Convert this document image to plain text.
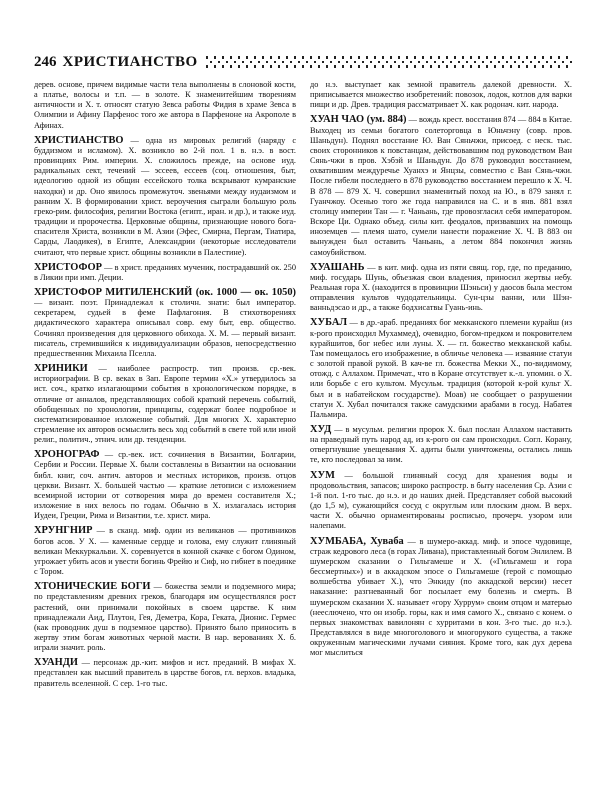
246 ХРИСТИАНСТВО

дерев. основе, причем видимые части тела выполнены в слоновой кости, а платье, волосы и т.п. — в золоте. К знаменитейшим творениям античности и Х. т. относят статую Зевса работы Фидия в храме Зевса в Олимпии и Афину Парфенос того же автора в Парфеноне на Акрополе в Афинах.

ХРИСТИАНСТВО — одна из мировых религий (наряду с буддизмом и исламом). Х. возникло во 2-й пол. 1 в. н.э. в вост. провинциях Рим. империи. Х. сложилось прежде, на основе иуд. радикальных сект, течений — эссеев, ессеев (соц. отношения, быт, идеологию одной из общин ессейского толка вскрывают кумранские находки) и др. Оно явилось промежуточ. звеньями между иудаизмом и ранним Х. В формировании христ. вероучения сыграли большую роль греко-рим. философия, религии Востока (египт., иран. и др.), и также иуд. традиции и пророчества. Церковные общины, признающие нового бога-спасителя Христа, возникли в М. Азии (Эфес, Смирна, Пергам, Тиатира, Сарды, Лаодикея), в Египте, Александрии (некоторые исследователи считают, что первые христ. общины возникли в Палестине).

ХРИСТОФОР — в христ. преданиях мученик, пострадавший ок. 250 в Ликии при имп. Деции.

ХРИСТОФОР МИТИЛЕНСКИЙ (ок. 1000 — ок. 1050) — визант. поэт. Принадлежал к столичн. знати: был император. секретарем, судьей в феме Пафлагония. В стихотворениях дидактического характера описывал совр. ему быт, евр. общество. Сочинял произведения для церковного обихода. Х. М. — первый визант. писатель, стремившийся к индивидуализации образов, непосредственно предшественник Михаила Пселла.

ХРИНИКИ — наиболее распростр. тип произв. ср.-век. историографии. В ср. веках в Зап. Европе термин «Х.» утвердилось за ист. соч., кратко излагающими события в хронологическом порядке, в отличие от анналов, представляющих собой краткий перечень событий, обобщенных по хронологии, принципы, содержат более подробное и систематизированное изложение событий. Для многих Х. характерно стремление их авторов осмыслить весь ход событий в свете той или иной религ., политич., этнич. или др. тенденции.

ХРОНОГРАФ — ср.-век. ист. сочинения в Византии, Болгарии, Сербии и России. Первые Х. были составлены в Византии на основании библ. книг, соч. антич. авторов и местных историков, произв. отцов церкви. Визант. Х. большей частью — краткие летописи с изложением всемирной истории от сотворения мира до времен составителя Х.; изложение в них велось по годам. Обычно в Х. излагалась история Иудеи, Греции, Рима и Византии, т.е. христ. мира.

ХРУНГНИР — в сканд. миф. один из великанов — противников богов асов. У Х. — каменные сердце и голова, ему служит глиняный великан Меккуркальви. Х. соревнуется в конной скачке с богом Одином, угрожает убить асов и увести богинь Фрейю и Сиф, но гибнет в поединке с Тором.

ХТОНИЧЕСКИЕ БОГИ — божества земли и подземного мира; по представлениям древних греков, благодаря им осуществлялся рост растений, они принимали покойных в своем царстве. К ним принадлежали Аид, Плутон, Гея, Деметра, Кора, Геката, Дионис. Гермес (как проводник душ в подземное царство). Принято было приносить в жертву этим богам животных черной масти. В нар. верованиях Х. б. играли значит. роль.

ХУАНДИ — персонаж др.-кит. мифов и ист. преданий. В мифах Х. представлен как высший правитель в царстве богов, гл. верхов. владыка, правитель вселенной. С сер. 1-го тыс.

до н.э. выступает как земной правитель далекой древности. Х. приписывается множество изобретений: повозок, лодок, котлов для варки пищи и др. Древ. традиция рассматривает Х. как родонач. кит. народа.

ХУАН ЧАО (ум. 884) — вождь крест. восстания 874 — 884 в Китае. Выходец из семьи богатого солеторговца в Юньчэну (совр. пров. Шаньдун). Поднял восстание Ю. Ван Сяньчжи, присоед. с неск. тыс. своих сторонников к повстанцам, действовавшим под руководством Ван Сянь-чжи в пров. Хэбэй и Шаньдун. До 878 руководил восстанием, охватившим междуречье Хуанхэ и Янцзы, совместно с Ван Сянь-чжи. После гибели последнего в 878 руководство восстанием перешло к Х. Ч. В 878 — 879 Х. Ч. совершил знаменитый поход на Ю., в 879 занял г. Гуанчжоу. Осенью того же года направился на С. и в янв. 881 взял столицу империи Тан — г. Чаньань, где провозгласил себя императором. Вскоре Ци. Однако объед. силы кит. феодалов, призвавших на помощь иноземцев — племя шато, сумели нанести поражение Х. Ч. В 883 он вынужден был оставить Чаньань, а летом 884 покончил жизнь самоубийством.

ХУАШАНЬ — в кит. миф. одна из пяти свящ. гор, где, по преданию, миф. государь Шунь, объезжая свои владения, приносил жертвы небу. Реальная гора Х. (находится в провинции Шэньси) у даосов была местом отправления культов чудодательницы. Сун-цзы ванни, или Шэн-ванньдэсао и др., а также бодхисатвы Гуань-инь.

ХУБАЛ — в др.-араб. преданиях бог мекканского племени курайш (из к-рого происходил Мухаммед), очевидно, богом-предком и покровителем курайшитов, бог небес или луны. Х. — гл. божество мекканской кабы. Там помещалось его изображение, в обличье человека — изваяние статуи с золотой правой рукой. В кач-ве гл. божества Мекки Х., по-видимому, отожд. с Аллахом. Примечат., что в Коране отсутствует к.-л. упомин. о Х. или борьбе с его культом. Мусульм. традиция (которой к-рой культ Х. был и в набатейском государстве). Моав) не сообщает о разрушении статуи Х. Хубал почитался также самудскими арабами в госуд. Набатея Пальмира.

ХУД — в мусульм. религии пророк Х. был послан Аллахом наставить на праведный путь народ ад, из к-рого он сам происходил. Согл. Корану, отвергнувшие увещевания Х. адиты были уничтожены, остались лишь те, кто последовал за ним.

ХУМ — большой глиняный сосуд для хранения воды и продовольствия, запасов; широко распростр. в быту населения Ср. Азии с 1-й пол. 1-го тыс. до н.э. и до наших дней. Представляет собой высокий (до 1,5 м), сужающийся сосуд с округлым или плоским дном. В верх. части Х. обычно орнаментированы росписью, прочерч. узором или налепами.

ХУМБАБА, Хуваба — в шумеро-аккад. миф. и эпосе чудовище, страж кедрового леса (в горах Ливана), приставленный богом Энлилем. В шумерском сказании о Гильгамеше и Х. («Гильгамеш и гора бессмертных») и в аккадском эпосе о Гильгамеше (герой с помощью волшебства убивает Х.), что Энкиду (по аккадской версии) несет наказание: разгневанный бог посылает ему болезнь и смерть. В шумерском сказании Х. называет «гору Хуррум» своим отцом и матерью (нееслючено, что он изобр. горы, как и имя самого Х., связано с конем. о первых знакомствах вавилонян с хурритами в кон. 3-го тыс. до н.э.). Представлялся в виде многоголового и многорукого существа, а также окруженным магическими лучами сияния. Кроме того, как дух дерева мог мыслиться
